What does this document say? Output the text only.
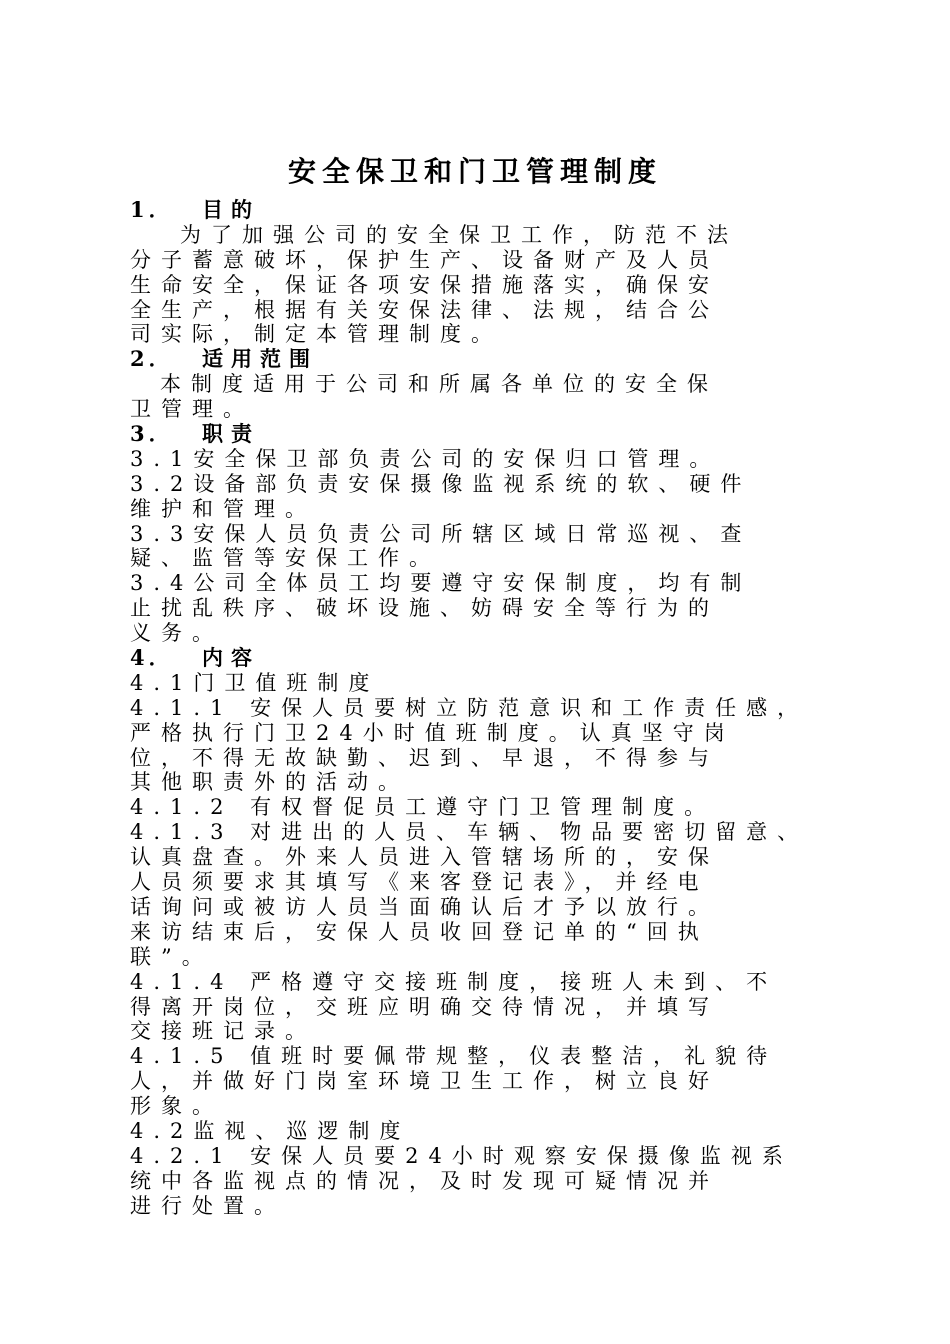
安全保卫和门卫管理制度
1． 目的
为了加强公司的安全保卫工作，防范不法
分子蓄意破坏，保护生产、设备财产及人员
生命安全，保证各项安保措施落实，确保安
全生产，根据有关安保法律、法规，结合公
司实际，制定本管理制度。
2． 适用范围
本制度适用于公司和所属各单位的安全保
卫管理。
3． 职责
3.1安全保卫部负责公司的安保归口管理。
3.2设备部负责安保摄像监视系统的软、硬件
维护和管理。
3.3安保人员负责公司所辖区域日常巡视、查
疑、监管等安保工作。
3.4公司全体员工均要遵守安保制度，均有制
止扰乱秩序、破坏设施、妨碍安全等行为的
义务。
4． 内容
4.1门卫值班制度
4.1.1 安保人员要树立防范意识和工作责任感，
严格执行门卫24小时值班制度。认真坚守岗
位，不得无故缺勤、迟到、早退，不得参与
其他职责外的活动。
4.1.2 有权督促员工遵守门卫管理制度。
4.1.3 对进出的人员、车辆、物品要密切留意、
认真盘查。外来人员进入管辖场所的，安保
人员须要求其填写《来客登记表》，并经电
话询问或被访人员当面确认后才予以放行。
来访结束后，安保人员收回登记单的“回执
联”。
4.1.4 严格遵守交接班制度，接班人未到、不
得离开岗位，交班应明确交待情况，并填写
交接班记录。
4.1.5 值班时要佩带规整，仪表整洁，礼貌待
人，并做好门岗室环境卫生工作，树立良好
形象。
4.2监视、巡逻制度
4.2.1 安保人员要24小时观察安保摄像监视系
统中各监视点的情况，及时发现可疑情况并
进行处置。
